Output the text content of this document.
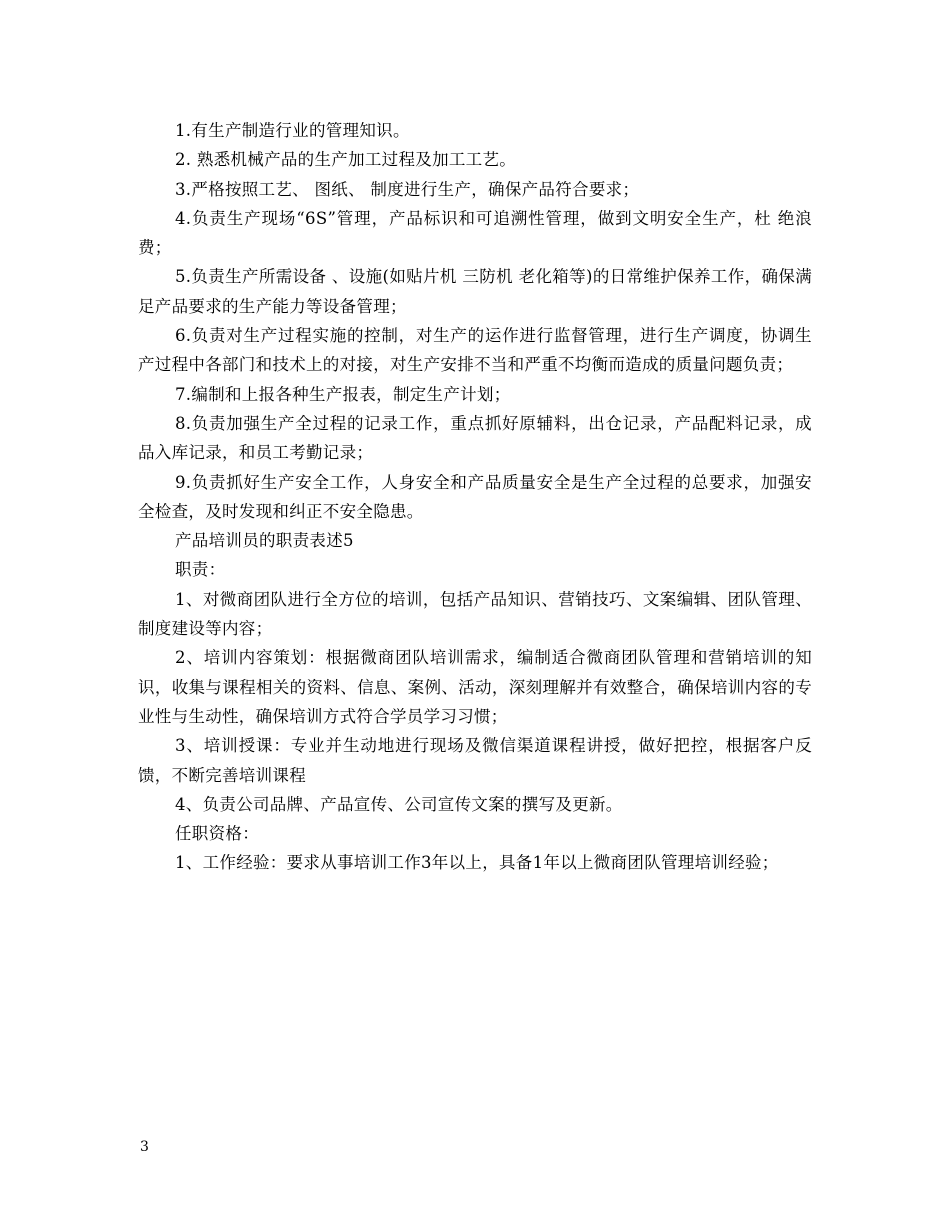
1.有生产制造行业的管理知识。

2. 熟悉机械产品的生产加工过程及加工工艺。

3.严格按照工艺、 图纸、 制度进行生产，确保产品符合要求；

4.负责生产现场“6S”管理，产品标识和可追溯性管理，做到文明安全生产，杜 绝浪费；

5.负责生产所需设备 、设施(如贴片机 三防机 老化箱等)的日常维护保养工作，确保满足产品要求的生产能力等设备管理；

6.负责对生产过程实施的控制，对生产的运作进行监督管理，进行生产调度，协调生产过程中各部门和技术上的对接，对生产安排不当和严重不均衡而造成的质量问题负责；

7.编制和上报各种生产报表，制定生产计划；

8.负责加强生产全过程的记录工作，重点抓好原辅料，出仓记录，产品配料记录，成品入库记录，和员工考勤记录；

9.负责抓好生产安全工作，人身安全和产品质量安全是生产全过程的总要求，加强安全检查，及时发现和纠正不安全隐患。

产品培训员的职责表述5

职责：

1、对微商团队进行全方位的培训，包括产品知识、营销技巧、文案编辑、团队管理、制度建设等内容；

2、培训内容策划：根据微商团队培训需求，编制适合微商团队管理和营销培训的知识，收集与课程相关的资料、信息、案例、活动，深刻理解并有效整合，确保培训内容的专业性与生动性，确保培训方式符合学员学习习惯；

3、培训授课：专业并生动地进行现场及微信渠道课程讲授，做好把控，根据客户反馈，不断完善培训课程

4、负责公司品牌、产品宣传、公司宣传文案的撰写及更新。

任职资格：

1、工作经验：要求从事培训工作3年以上，具备1年以上微商团队管理培训经验；

3
